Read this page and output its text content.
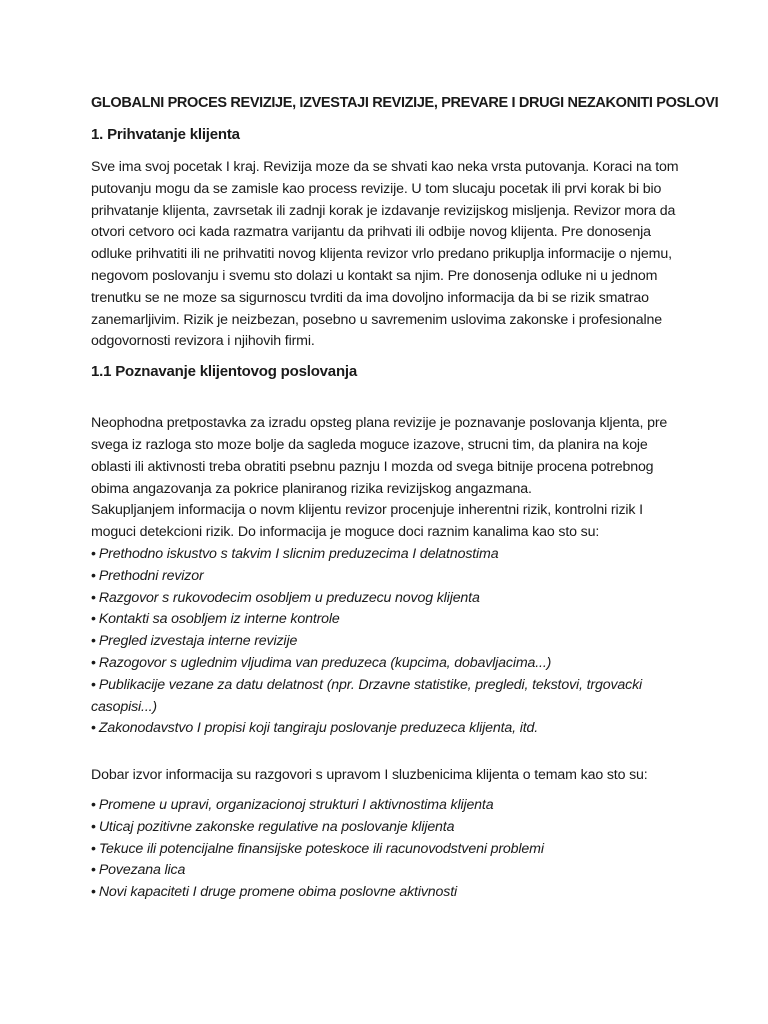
GLOBALNI PROCES REVIZIJE, IZVESTAJI REVIZIJE, PREVARE I DRUGI NEZAKONITI POSLOVI
1. Prihvatanje klijenta

Sve ima svoj pocetak I kraj. Revizija moze da se shvati kao neka vrsta putovanja. Koraci na tom putovanju mogu da se zamisle kao process revizije. U tom slucaju pocetak ili prvi korak bi bio prihvatanje klijenta, zavrsetak ili zadnji korak je izdavanje revizijskog misljenja. Revizor mora da otvori cetvoro oci kada razmatra varijantu da prihvati ili odbije novog klijenta. Pre donosenja odluke prihvatiti ili ne prihvatiti novog klijenta revizor vrlo predano prikuplja informacije o njemu, negovom poslovanju i svemu sto dolazi u kontakt sa njim. Pre donosenja odluke ni u jednom trenutku se ne moze sa sigurnoscu tvrditi da ima dovoljno informacija da bi se rizik smatrao zanemarljivim. Rizik je neizbezan, posebno u savremenim uslovima zakonske i profesionalne odgovornosti revizora i njihovih firmi.

1.1 Poznavanje klijentovog poslovanja

Neophodna pretpostavka za izradu opsteg plana revizije je poznavanje poslovanja kljenta, pre svega iz razloga sto moze bolje da sagleda moguce izazove, strucni tim, da planira na koje oblasti ili aktivnosti treba obratiti psebnu paznju I mozda od svega bitnije procena potrebnog obima angazovanja za pokrice planiranog rizika revizijskog angazmana.

Sakupljanjem informacija o novm klijentu revizor procenjuje inherentni rizik, kontrolni rizik I moguci detekcioni rizik. Do informacija je moguce doci raznim kanalima kao sto su:

• Prethodno iskustvo s takvim I slicnim preduzecima I delatnostima
• Prethodni revizor
• Razgovor s rukovodecim osobljem u preduzecu novog klijenta
• Kontakti sa osobljem iz interne kontrole
• Pregled izvestaja interne revizije
• Razogovor s uglednim vljudima van preduzeca (kupcima, dobavljacima...)
• Publikacije vezane za datu delatnost (npr. Drzavne statistike, pregledi, tekstovi, trgovacki casopisi...)
• Zakonodavstvo I propisi koji tangiraju poslovanje preduzeca klijenta, itd.

Dobar izvor informacija su razgovori s upravom I sluzbenicima klijenta o temam kao sto su:

• Promene u upravi, organizacionoj strukturi I aktivnostima klijenta
• Uticaj pozitivne zakonske regulative na poslovanje klijenta
• Tekuce ili potencijalne finansijske poteskoce ili racunovodstveni problemi
• Povezana lica
• Novi kapaciteti I druge promene obima poslovne aktivnosti
